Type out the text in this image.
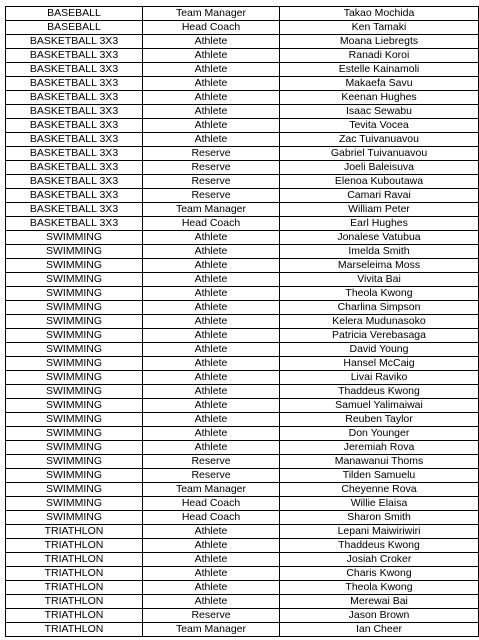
BASEBALL	Team Manager	Takao Mochida
BASEBALL	Head Coach	Ken Tamaki
BASKETBALL 3X3	Athlete	Moana Liebregts
BASKETBALL 3X3	Athlete	Ranadi Koroi
BASKETBALL 3X3	Athlete	Estelle Kainamoli
BASKETBALL 3X3	Athlete	Makaefa Savu
BASKETBALL 3X3	Athlete	Keenan Hughes
BASKETBALL 3X3	Athlete	Isaac Sewabu
BASKETBALL 3X3	Athlete	Tevita Vocea
BASKETBALL 3X3	Athlete	Zac Tuivanuavou
BASKETBALL 3X3	Reserve	Gabriel Tuivanuavou
BASKETBALL 3X3	Reserve	Joeli Baleisuva
BASKETBALL 3X3	Reserve	Elenoa Kuboutawa
BASKETBALL 3X3	Reserve	Camari Ravai
BASKETBALL 3X3	Team Manager	William Peter
BASKETBALL 3X3	Head Coach	Earl Hughes
SWIMMING	Athlete	Jonalese Vatubua
SWIMMING	Athlete	Imelda Smith
SWIMMING	Athlete	Marseleima Moss
SWIMMING	Athlete	Vivita Bai
SWIMMING	Athlete	Theola Kwong
SWIMMING	Athlete	Charlina Simpson
SWIMMING	Athlete	Kelera Mudunasoko
SWIMMING	Athlete	Patricia Verebasaga
SWIMMING	Athlete	David Young
SWIMMING	Athlete	Hansel McCaig
SWIMMING	Athlete	Livai Raviko
SWIMMING	Athlete	Thaddeus Kwong
SWIMMING	Athlete	Samuel Yalimaiwai
SWIMMING	Athlete	Reuben Taylor
SWIMMING	Athlete	Don Younger
SWIMMING	Athlete	Jeremiah Rova
SWIMMING	Reserve	Manawanui Thoms
SWIMMING	Reserve	Tilden Samuelu
SWIMMING	Team Manager	Cheyenne Rova
SWIMMING	Head Coach	Willie Elaisa
SWIMMING	Head Coach	Sharon Smith
TRIATHLON	Athlete	Lepani Maiwiriwiri
TRIATHLON	Athlete	Thaddeus Kwong
TRIATHLON	Athlete	Josiah Croker
TRIATHLON	Athlete	Charis Kwong
TRIATHLON	Athlete	Theola Kwong
TRIATHLON	Athlete	Merewai Bai
TRIATHLON	Reserve	Jason Brown
TRIATHLON	Team Manager	Ian Cheer
